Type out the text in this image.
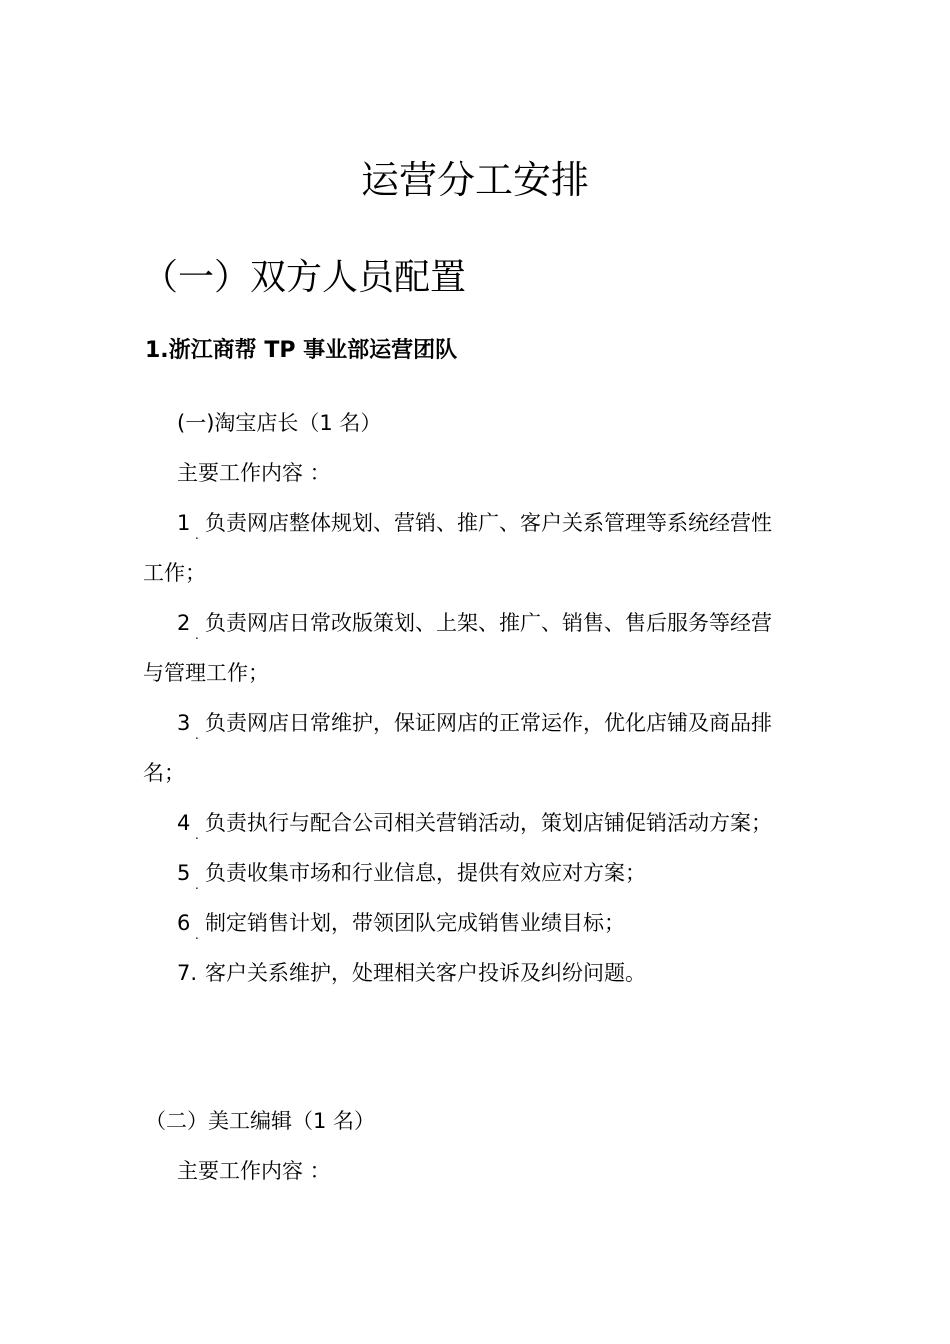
运营分工安排
（一）双方人员配置
1.浙江商帮 TP 事业部运营团队
(一)淘宝店长（1 名）
主要工作内容 ：
1 . 负责网店整体规划、营销、推广、客户关系管理等系统经营性
工作；
2 . 负责网店日常改版策划、上架、推广、销售、售后服务等经营
与管理工作；
3 . 负责网店日常维护，保证网店的正常运作，优化店铺及商品排
名；
4 . 负责执行与配合公司相关营销活动，策划店铺促销活动方案；
5 . 负责收集市场和行业信息，提供有效应对方案；
6 . 制定销售计划，带领团队完成销售业绩目标；
7. 客户关系维护，处理相关客户投诉及纠纷问题。
（二）美工编辑（1 名）
主要工作内容 ：
